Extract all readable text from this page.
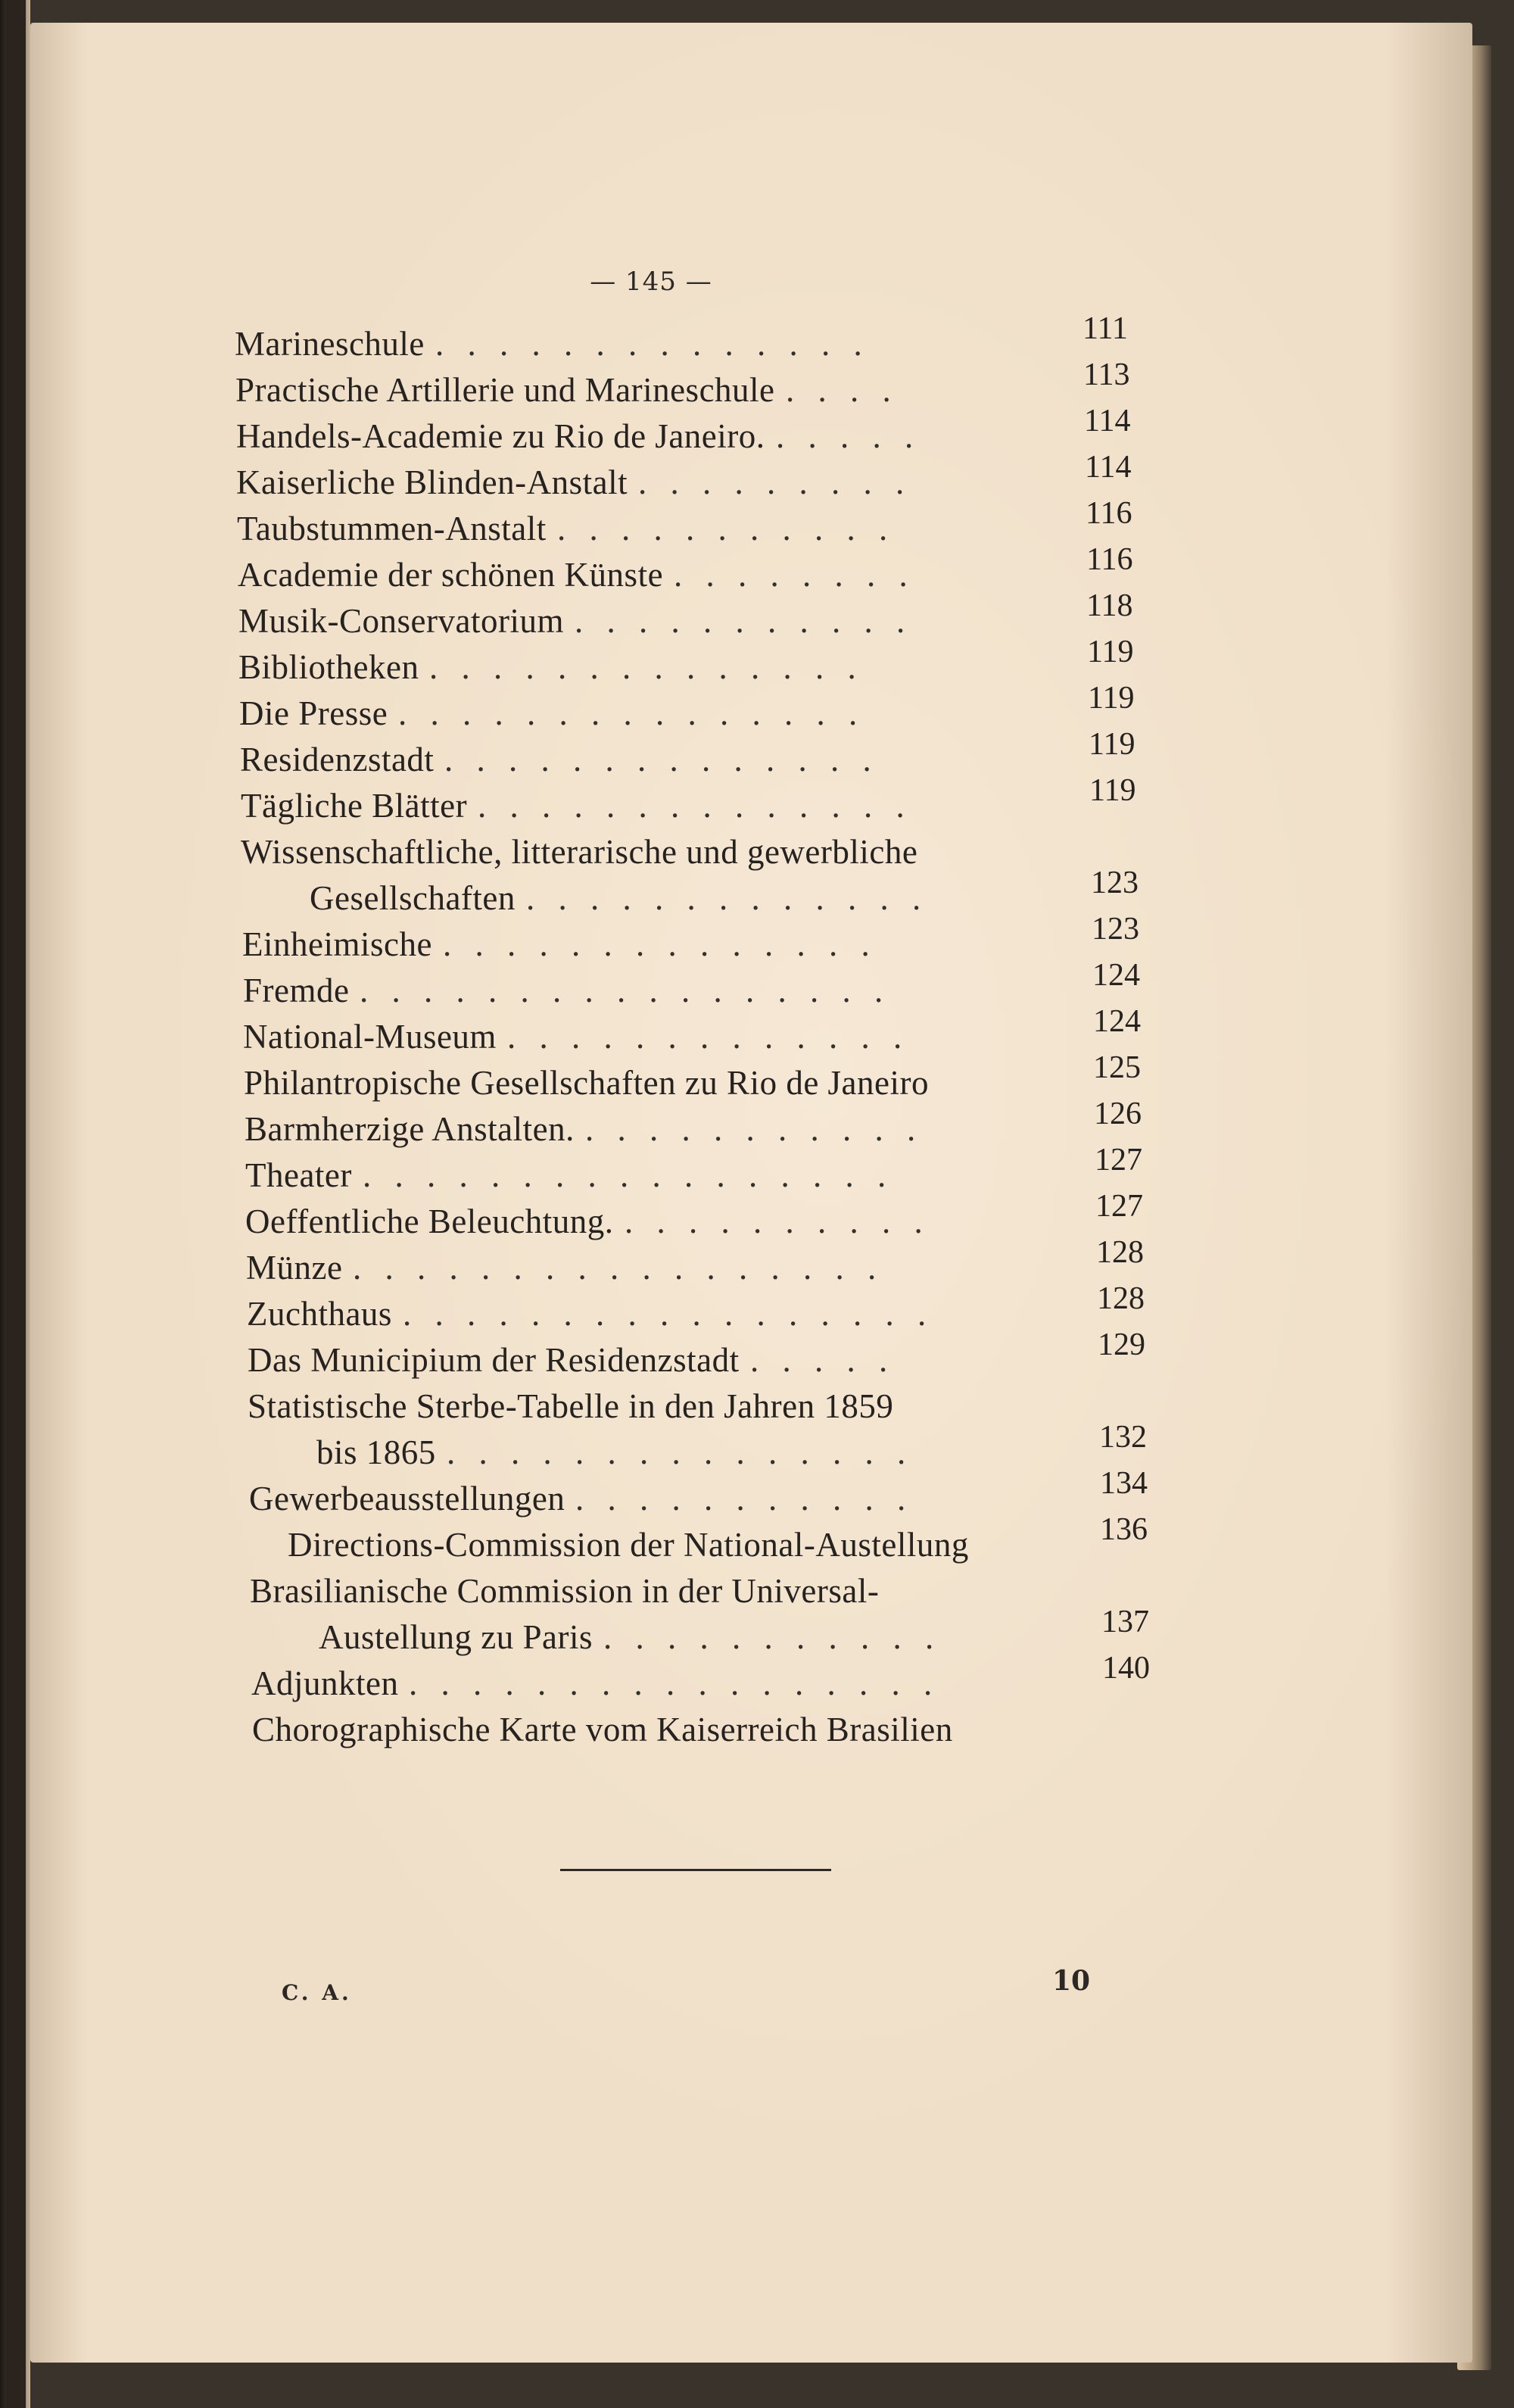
— 145 —
Marineschule . . . . . . . . . . . . . .	111
Practische Artillerie und Marineschule . . . .	113
Handels-Academie zu Rio de Janeiro. . . . . .	114
Kaiserliche Blinden-Anstalt . . . . . . . . .	114
Taubstummen-Anstalt . . . . . . . . . . .	116
Academie der schönen Künste . . . . . . . .	116
Musik-Conservatorium . . . . . . . . . . .	118
Bibliotheken . . . . . . . . . . . . . .	119
Die Presse . . . . . . . . . . . . . . .	119
Residenzstadt . . . . . . . . . . . . . .	119
Tägliche Blätter . . . . . . . . . . . . . .	119
Wissenschaftliche, litterarische und gewerbliche
Gesellschaften . . . . . . . . . . . . .	123
Einheimische . . . . . . . . . . . . . .	123
Fremde . . . . . . . . . . . . . . . . .	124
National-Museum . . . . . . . . . . . . .	124
Philantropische Gesellschaften zu Rio de Janeiro	125
Barmherzige Anstalten. . . . . . . . . . . .	126
Theater . . . . . . . . . . . . . . . . .	127
Oeffentliche Beleuchtung. . . . . . . . . . .	127
Münze . . . . . . . . . . . . . . . . .	128
Zuchthaus . . . . . . . . . . . . . . . . .	128
Das Municipium der Residenzstadt . . . . .	129
Statistische Sterbe-Tabelle in den Jahren 1859
bis 1865 . . . . . . . . . . . . . . .	132
Gewerbeausstellungen . . . . . . . . . . .	134
Directions-Commission der National-Austellung	136
Brasilianische Commission in der Universal-
Austellung zu Paris . . . . . . . . . . .	137
Adjunkten . . . . . . . . . . . . . . . . .	140
Chorographische Karte vom Kaiserreich Brasilien
C. A.	10
